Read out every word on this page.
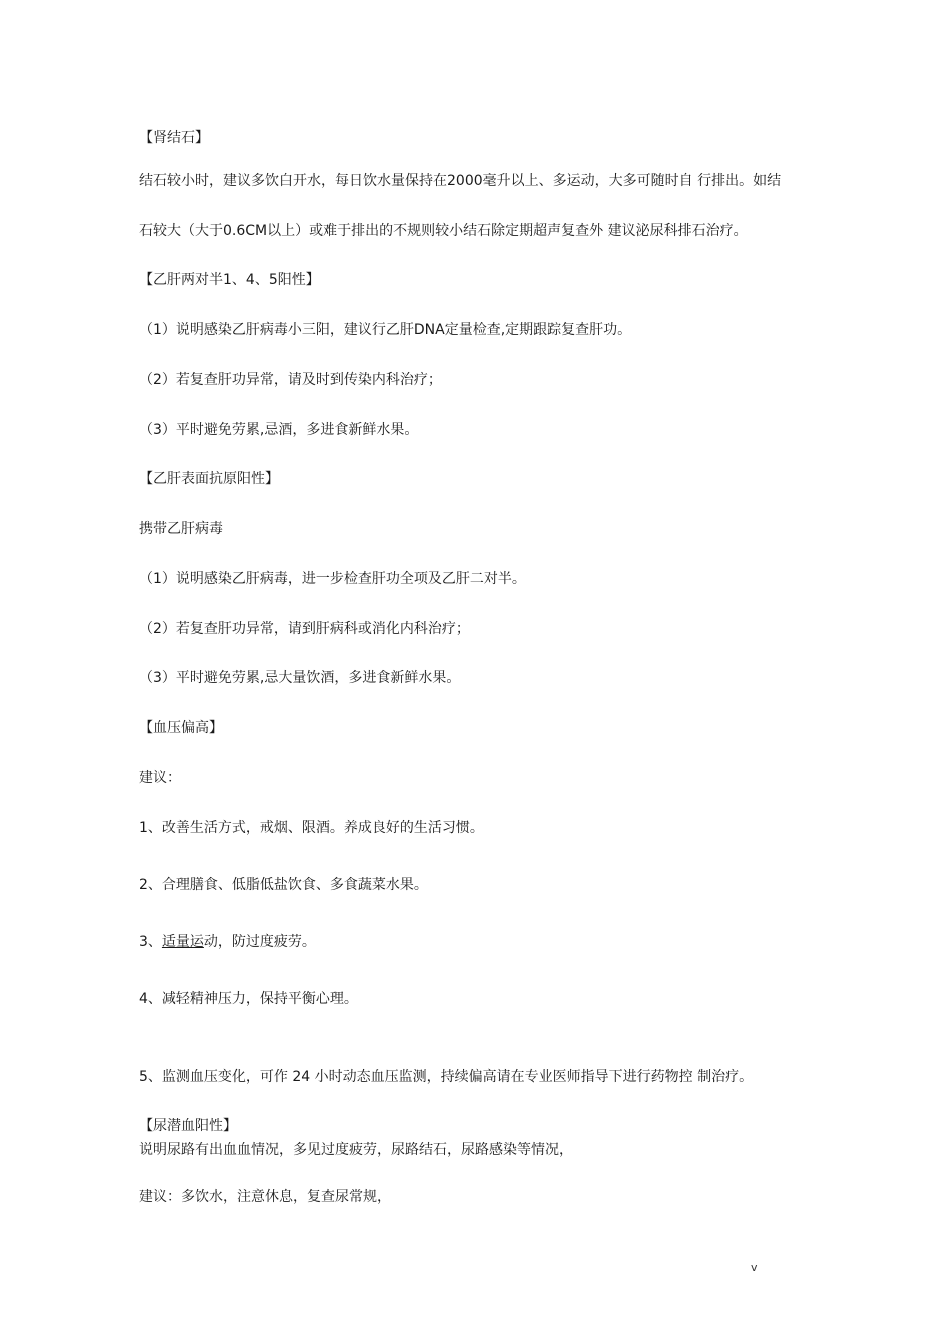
【肾结石】
结石较小时，建议多饮白开水，每日饮水量保持在2000毫升以上、多运动，大多可随时自 行排出。如结
石较大（大于0.6CM以上）或难于排出的不规则较小结石除定期超声复查外 建议泌尿科排石治疗。
【乙肝两对半1、4、5阳性】
（1）说明感染乙肝病毒小三阳，建议行乙肝DNA定量检查,定期跟踪复查肝功。
（2）若复查肝功异常，请及时到传染内科治疗；
（3）平时避免劳累,忌酒，多进食新鲜水果。
【乙肝表面抗原阳性】
携带乙肝病毒
（1）说明感染乙肝病毒，进一步检查肝功全项及乙肝二对半。
（2）若复查肝功异常，请到肝病科或消化内科治疗；
（3）平时避免劳累,忌大量饮酒，多进食新鲜水果。
【血压偏高】
建议：
1、改善生活方式，戒烟、限酒。养成良好的生活习惯。
2、合理膳食、低脂低盐饮食、多食蔬菜水果。
3、适量运动，防过度疲劳。
4、减轻精神压力，保持平衡心理。
5、监测血压变化，可作 24 小时动态血压监测，持续偏高请在专业医师指导下进行药物控 制治疗。
【尿潜血阳性】
说明尿路有出血血情况，多见过度疲劳，尿路结石，尿路感染等情况，
建议：多饮水，注意休息，复查尿常规，
v
